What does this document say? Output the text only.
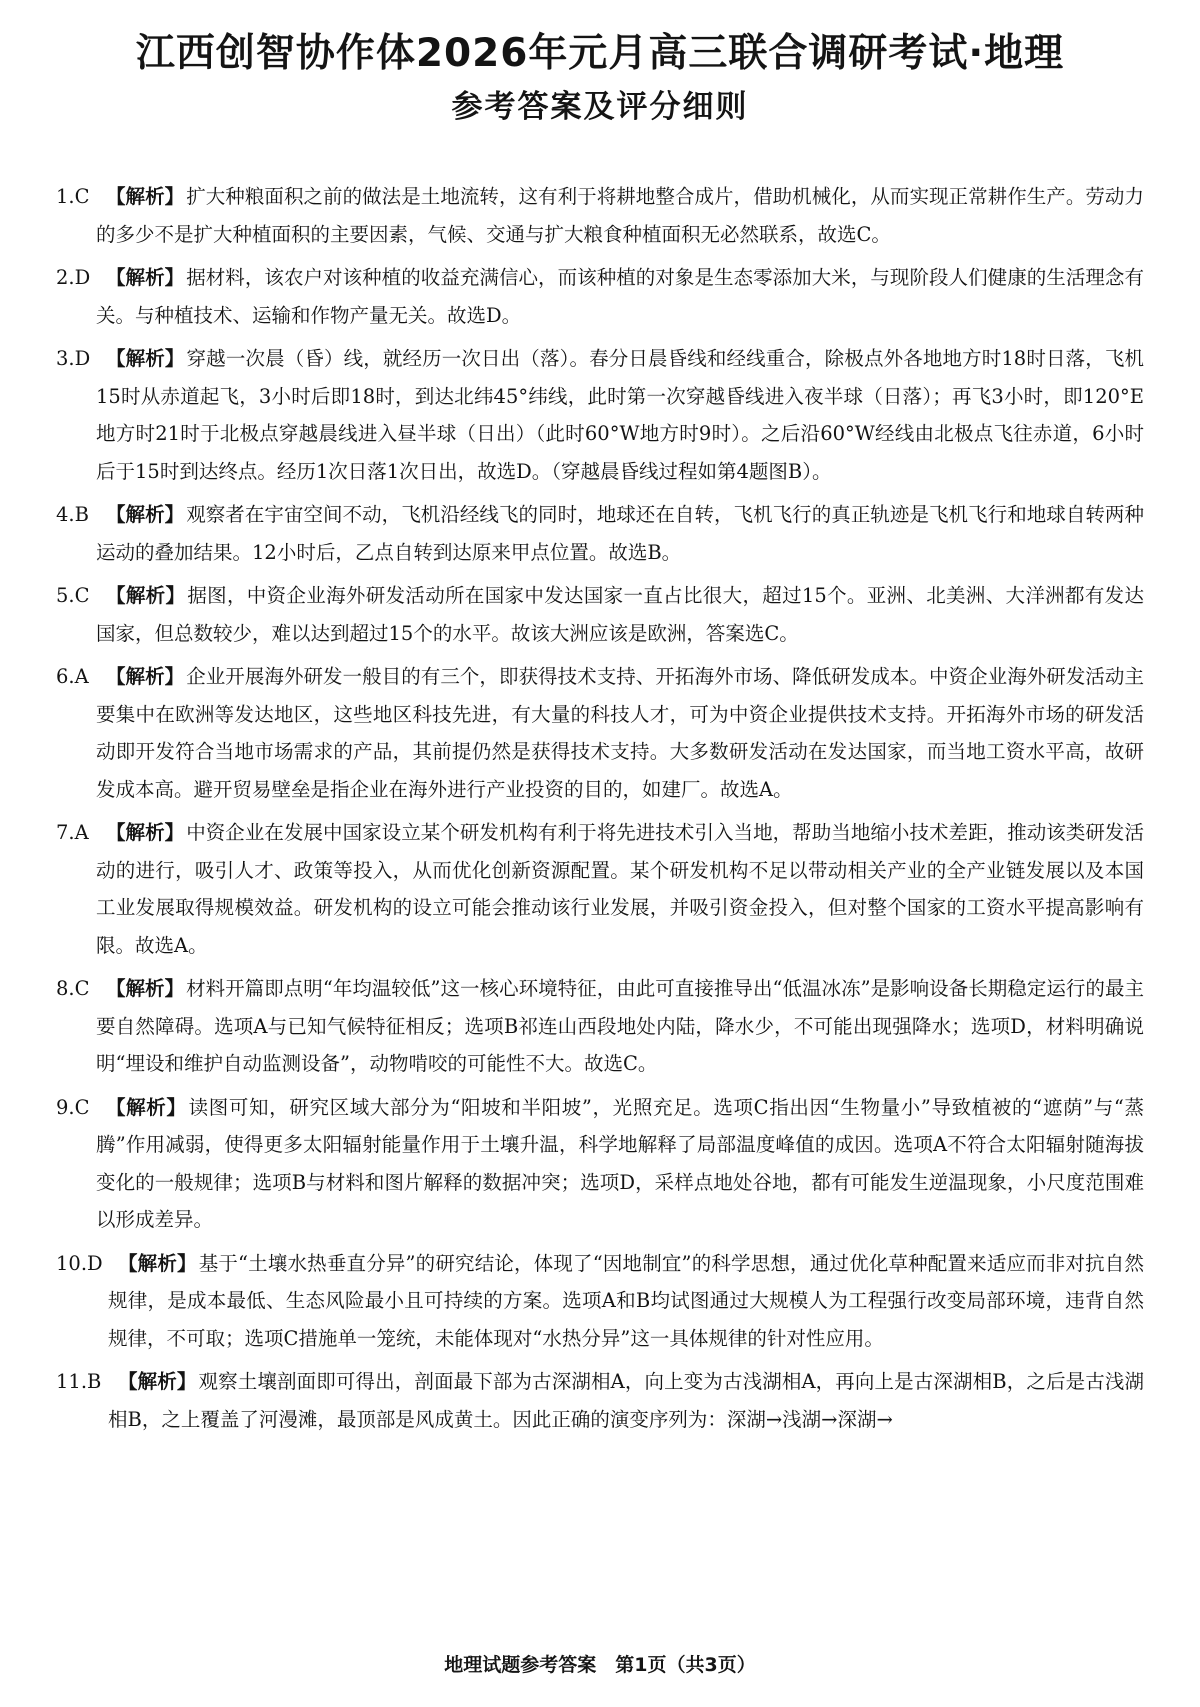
江西创智协作体2026年元月高三联合调研考试·地理
参考答案及评分细则
1.C 【解析】 扩大种粮面积之前的做法是土地流转，这有利于将耕地整合成片，借助机械化，从而实现正常耕作生产。劳动力的多少不是扩大种植面积的主要因素，气候、交通与扩大粮食种植面积无必然联系，故选C。
2.D 【解析】 据材料，该农户对该种植的收益充满信心，而该种植的对象是生态零添加大米，与现阶段人们健康的生活理念有关。与种植技术、运输和作物产量无关。故选D。
3.D 【解析】 穿越一次晨（昏）线，就经历一次日出（落）。春分日晨昏线和经线重合，除极点外各地地方时18时日落，飞机15时从赤道起飞，3小时后即18时，到达北纬45°纬线，此时第一次穿越昏线进入夜半球（日落）；再飞3小时，即120°E地方时21时于北极点穿越晨线进入昼半球（日出）（此时60°W地方时9时）。之后沿60°W经线由北极点飞往赤道，6小时后于15时到达终点。经历1次日落1次日出，故选D。（穿越晨昏线过程如第4题图B）。
4.B 【解析】 观察者在宇宙空间不动，飞机沿经线飞的同时，地球还在自转，飞机飞行的真正轨迹是飞机飞行和地球自转两种运动的叠加结果。12小时后，乙点自转到达原来甲点位置。故选B。
5.C 【解析】 据图，中资企业海外研发活动所在国家中发达国家一直占比很大，超过15个。亚洲、北美洲、大洋洲都有发达国家，但总数较少，难以达到超过15个的水平。故该大洲应该是欧洲，答案选C。
6.A 【解析】 企业开展海外研发一般目的有三个，即获得技术支持、开拓海外市场、降低研发成本。中资企业海外研发活动主要集中在欧洲等发达地区，这些地区科技先进，有大量的科技人才，可为中资企业提供技术支持。开拓海外市场的研发活动即开发符合当地市场需求的产品，其前提仍然是获得技术支持。大多数研发活动在发达国家，而当地工资水平高，故研发成本高。避开贸易壁垒是指企业在海外进行产业投资的目的，如建厂。故选A。
7.A 【解析】 中资企业在发展中国家设立某个研发机构有利于将先进技术引入当地，帮助当地缩小技术差距，推动该类研发活动的进行，吸引人才、政策等投入，从而优化创新资源配置。某个研发机构不足以带动相关产业的全产业链发展以及本国工业发展取得规模效益。研发机构的设立可能会推动该行业发展，并吸引资金投入，但对整个国家的工资水平提高影响有限。故选A。
8.C 【解析】 材料开篇即点明“年均温较低”这一核心环境特征，由此可直接推导出“低温冰冻”是影响设备长期稳定运行的最主要自然障碍。选项A与已知气候特征相反；选项B祁连山西段地处内陆，降水少，不可能出现强降水；选项D，材料明确说明“埋设和维护自动监测设备”，动物啃咬的可能性不大。故选C。
9.C 【解析】 读图可知，研究区域大部分为“阳坡和半阳坡”，光照充足。选项C指出因“生物量小”导致植被的“遮荫”与“蒸腾”作用减弱，使得更多太阳辐射能量作用于土壤升温，科学地解释了局部温度峰值的成因。选项A不符合太阳辐射随海拔变化的一般规律；选项B与材料和图片解释的数据冲突；选项D，采样点地处谷地，都有可能发生逆温现象，小尺度范围难以形成差异。
10.D 【解析】 基于“土壤水热垂直分异”的研究结论，体现了“因地制宜”的科学思想，通过优化草种配置来适应而非对抗自然规律，是成本最低、生态风险最小且可持续的方案。选项A和B均试图通过大规模人为工程强行改变局部环境，违背自然规律，不可取；选项C措施单一笼统，未能体现对“水热分异”这一具体规律的针对性应用。
11.B 【解析】 观察土壤剖面即可得出，剖面最下部为古深湖相A，向上变为古浅湖相A，再向上是古深湖相B，之后是古浅湖相B，之上覆盖了河漫滩，最顶部是风成黄土。因此正确的演变序列为：深湖→浅湖→深湖→
地理试题参考答案　第1页（共3页）
